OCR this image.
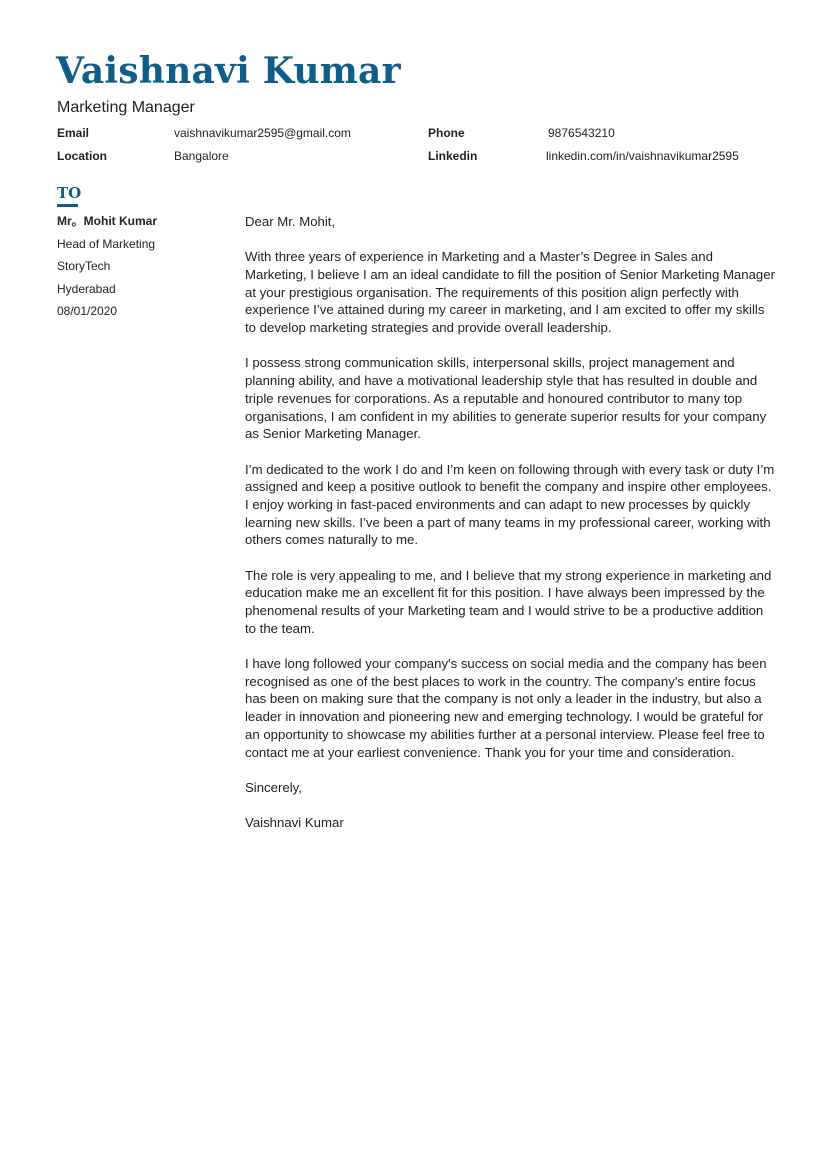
Vaishnavi Kumar
Marketing Manager
Email	vaishnavikumar2595@gmail.com	Phone	9876543210
Location	Bangalore	Linkedin	linkedin.com/in/vaishnavikumar2595
TO
Mr。Mohit Kumar
Head of Marketing
StoryTech
Hyderabad
08/01/2020

Dear Mr. Mohit,

With three years of experience in Marketing and a Master’s Degree in Sales and Marketing, I believe I am an ideal candidate to fill the position of Senior Marketing Manager at your prestigious organisation. The requirements of this position align perfectly with experience I’ve attained during my career in marketing, and I am excited to offer my skills to develop marketing strategies and provide overall leadership.

I possess strong communication skills, interpersonal skills, project management and planning ability, and have a motivational leadership style that has resulted in double and triple revenues for corporations. As a reputable and honoured contributor to many top organisations, I am confident in my abilities to generate superior results for your company as Senior Marketing Manager.

I’m dedicated to the work I do and I’m keen on following through with every task or duty I’m assigned and keep a positive outlook to benefit the company and inspire other employees. I enjoy working in fast-paced environments and can adapt to new processes by quickly learning new skills. I’ve been a part of many teams in my professional career, working with others comes naturally to me.

The role is very appealing to me, and I believe that my strong experience in marketing and education make me an excellent fit for this position. I have always been impressed by the phenomenal results of your Marketing team and I would strive to be a productive addition to the team.

I have long followed your company's success on social media and the company has been recognised as one of the best places to work in the country. The company's entire focus has been on making sure that the company is not only a leader in the industry, but also a leader in innovation and pioneering new and emerging technology. I would be grateful for an opportunity to showcase my abilities further at a personal interview. Please feel free to contact me at your earliest convenience. Thank you for your time and consideration.

Sincerely,

Vaishnavi Kumar
